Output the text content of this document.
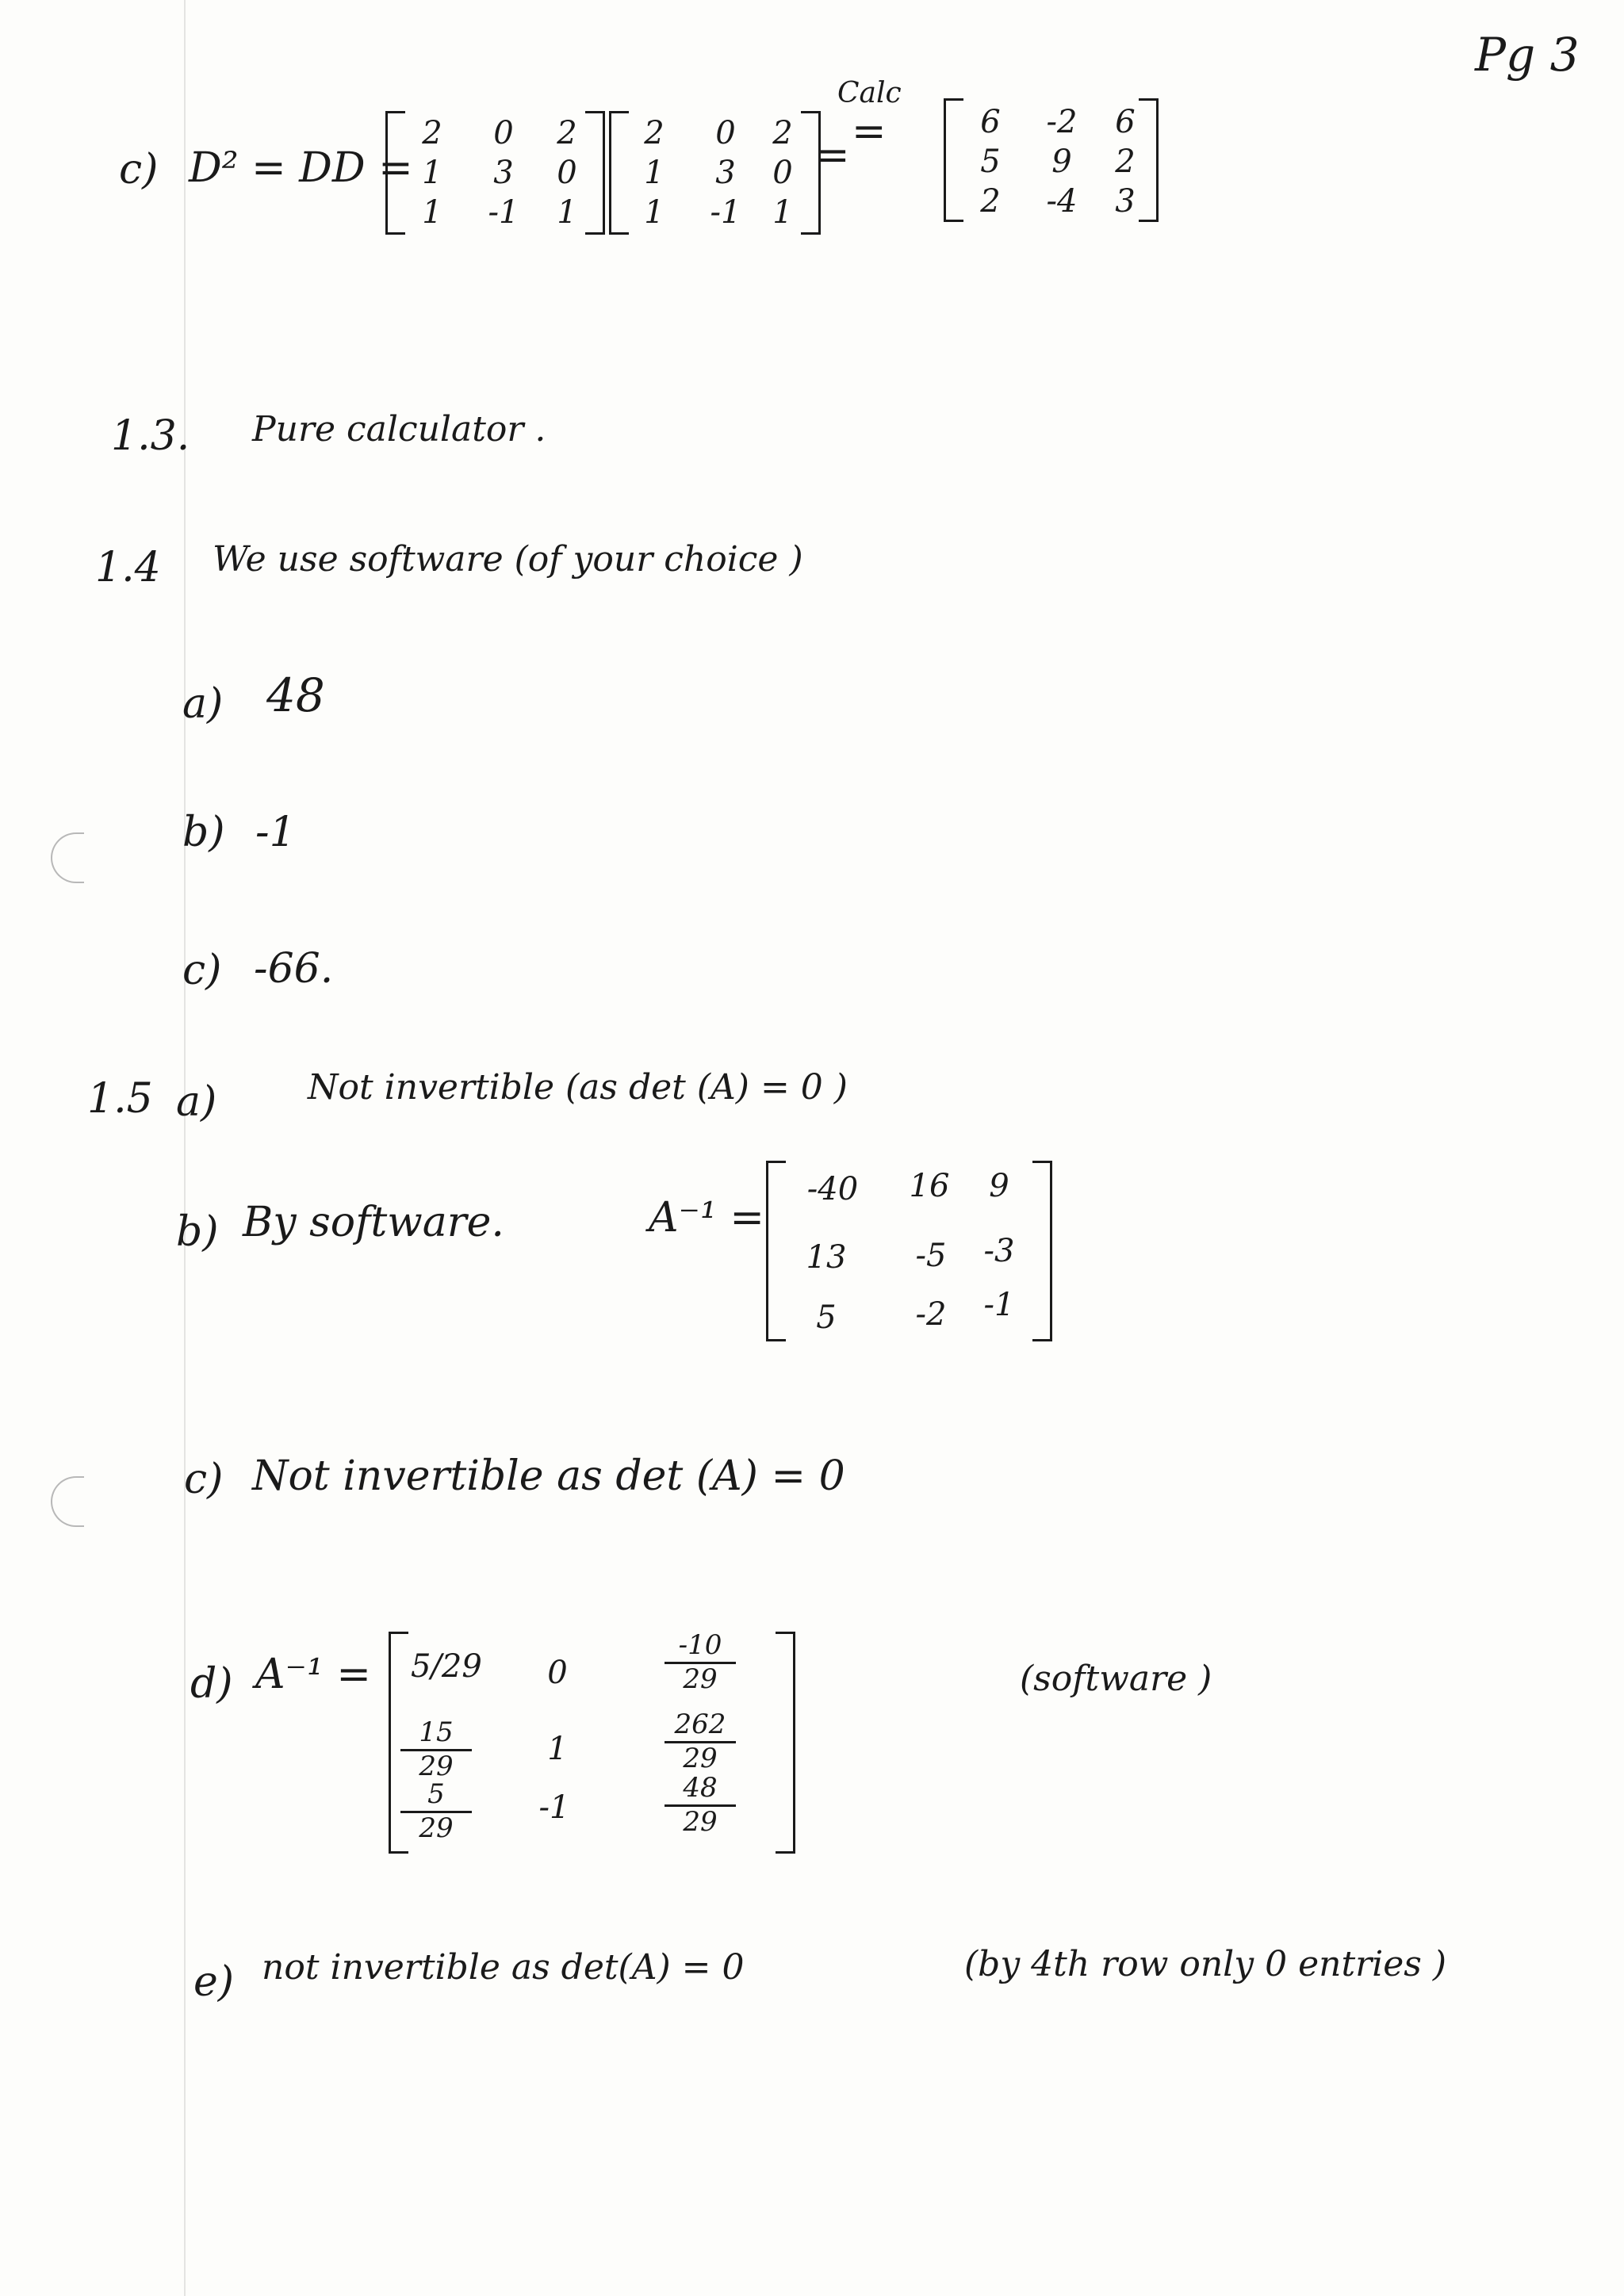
Pg 3
c) D² = DD =
2	0	2
1	3	0
1	-1	1
2	0	2
1	3	0
1	-1 1
Calc
=
=
6	-2	6
5	9	2
2	-4	3
1.3. Pure calculator .
1.4 We use software (of your choice )
a) 48
b) -1
c) -66.
1.5 a)	Not invertible (as det (A) = 0 )
b) By software.	A⁻¹ =
-40	16	9
13	-5	-3
5	-2	-1
c) Not invertible as det (A) = 0
d) A⁻¹ = 5/29	0	$\frac{-10}{29}$
$\frac{15}{29}$	1	$\frac{262}{29}$
$\frac{5}{29}$	-1	$\frac{48}{29}$
(software )
e) not invertible as det(A) = 0	(by 4th row only 0 entries )
